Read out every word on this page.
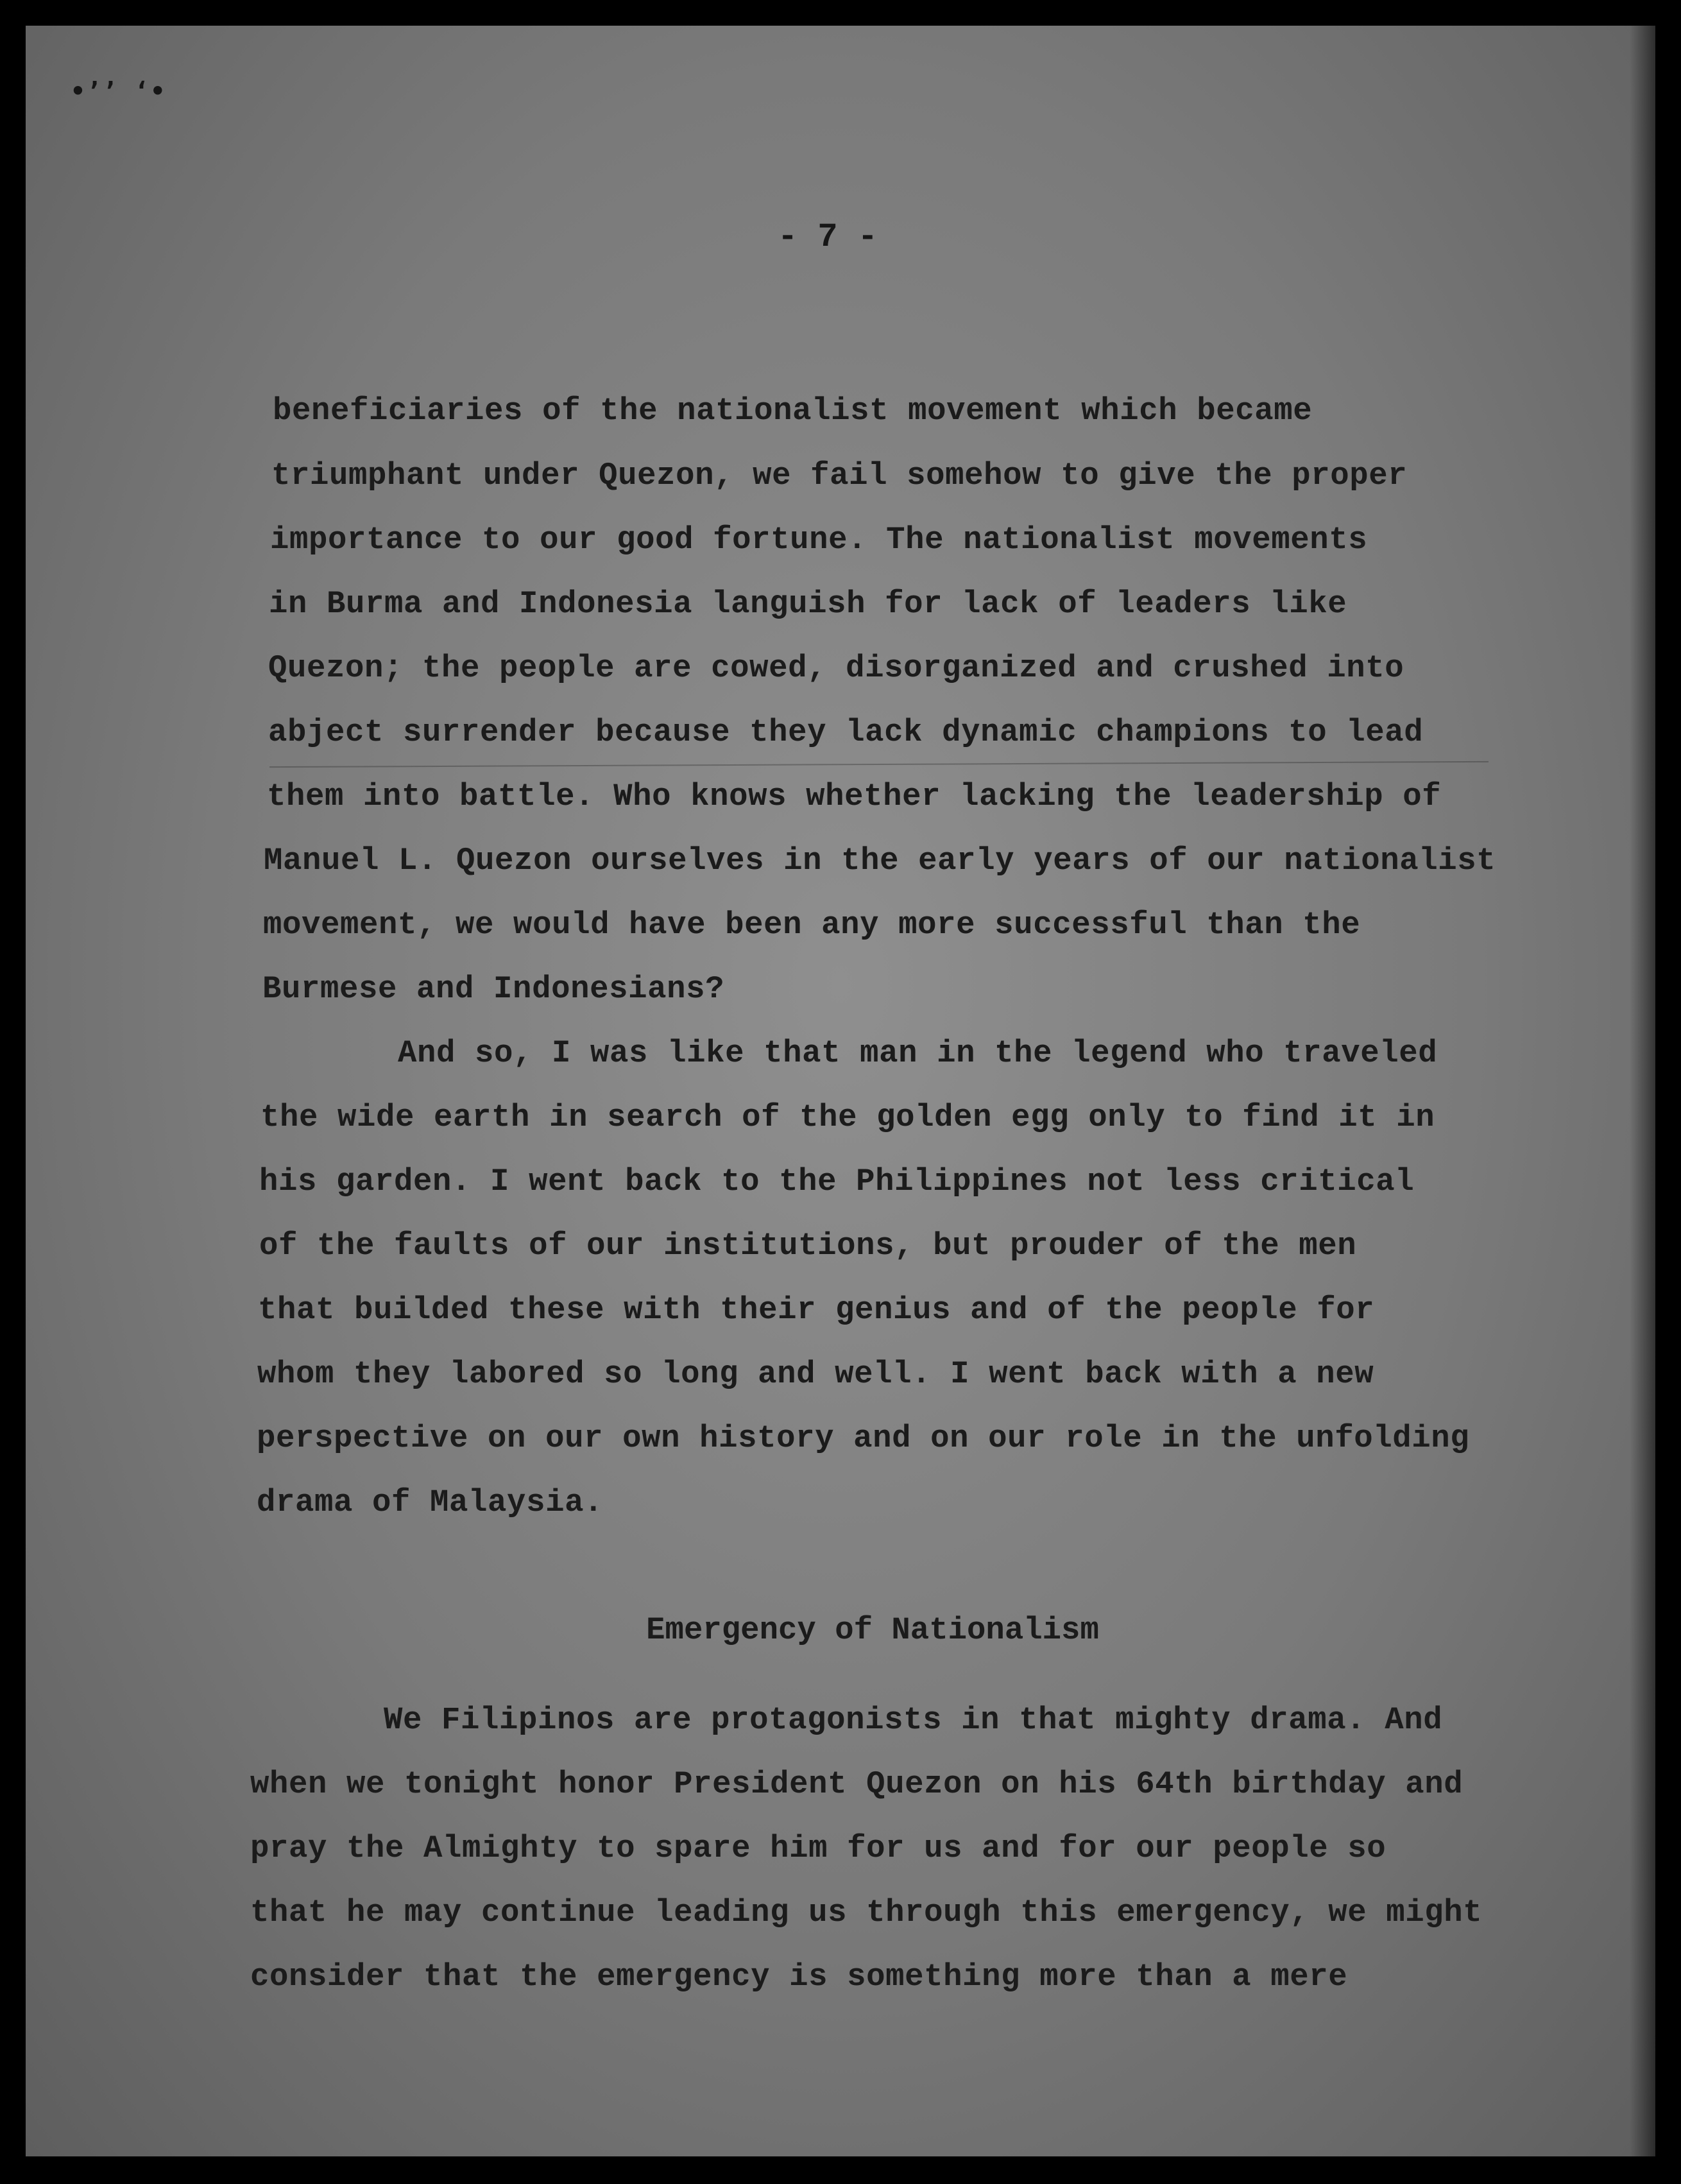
•’’ ʻ•
- 7 -
beneficiaries of the nationalist movement which became
triumphant under Quezon, we fail somehow to give the proper
importance to our good fortune. The nationalist movements
in Burma and Indonesia languish for lack of leaders like
Quezon; the people are cowed, disorganized and crushed into
abject surrender because they lack dynamic champions to lead
them into battle. Who knows whether lacking the leadership of
Manuel L. Quezon ourselves in the early years of our nationalist
movement, we would have been any more successful than the
Burmese and Indonesians?
And so, I was like that man in the legend who traveled
the wide earth in search of the golden egg only to find it in
his garden. I went back to the Philippines not less critical
of the faults of our institutions, but prouder of the men
that builded these with their genius and of the people for
whom they labored so long and well. I went back with a new
perspective on our own history and on our role in the unfolding
drama of Malaysia.
Emergency of Nationalism
We Filipinos are protagonists in that mighty drama. And
when we tonight honor President Quezon on his 64th birthday and
pray the Almighty to spare him for us and for our people so
that he may continue leading us through this emergency, we might
consider that the emergency is something more than a mere
